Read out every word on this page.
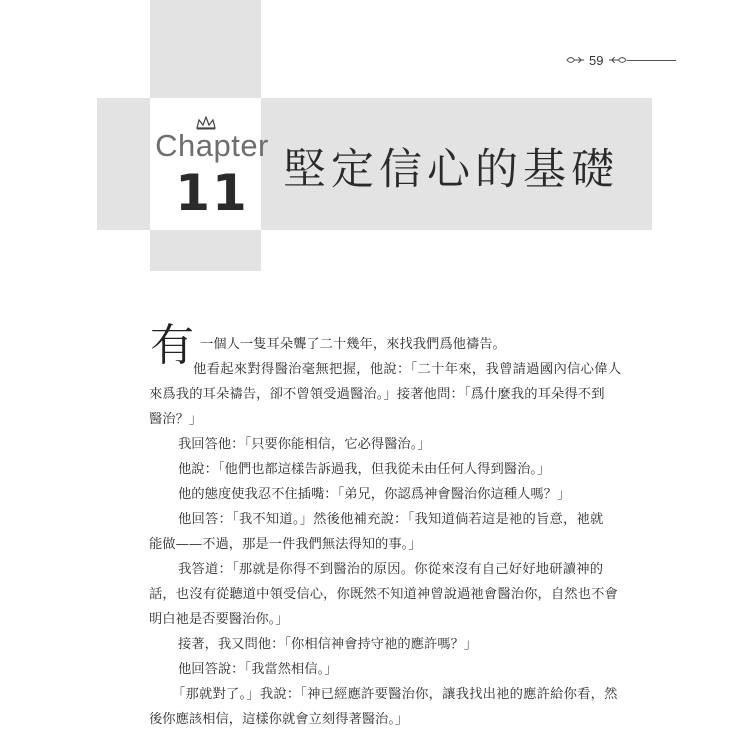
Chapter
11 堅定信心的基礎
59
有 一個人一隻耳朵聾了二十幾年，來找我們爲他禱告。
他看起來對得醫治毫無把握，他說：「二十年來，我曾請過國內信心偉人
來爲我的耳朵禱告，卻不曾領受過醫治。」接著他問：「爲什麼我的耳朵得不到
醫治？」
我回答他：「只要你能相信，它必得醫治。」
他說：「他們也都這樣告訴過我，但我從未由任何人得到醫治。」
他的態度使我忍不住插嘴：「弟兄，你認爲神會醫治你這種人嗎？」
他回答：「我不知道。」然後他補充說：「我知道倘若這是祂的旨意，祂就
能做——不過，那是一件我們無法得知的事。」
我答道：「那就是你得不到醫治的原因。你從來沒有自己好好地研讀神的
話，也沒有從聽道中領受信心，你既然不知道神曾說過祂會醫治你，自然也不會
明白祂是否要醫治你。」
接著，我又問他：「你相信神會持守祂的應許嗎？」
他回答說：「我當然相信。」
「那就對了。」我說：「神已經應許要醫治你，讓我找出祂的應許給你看，然
後你應該相信，這樣你就會立刻得著醫治。」
